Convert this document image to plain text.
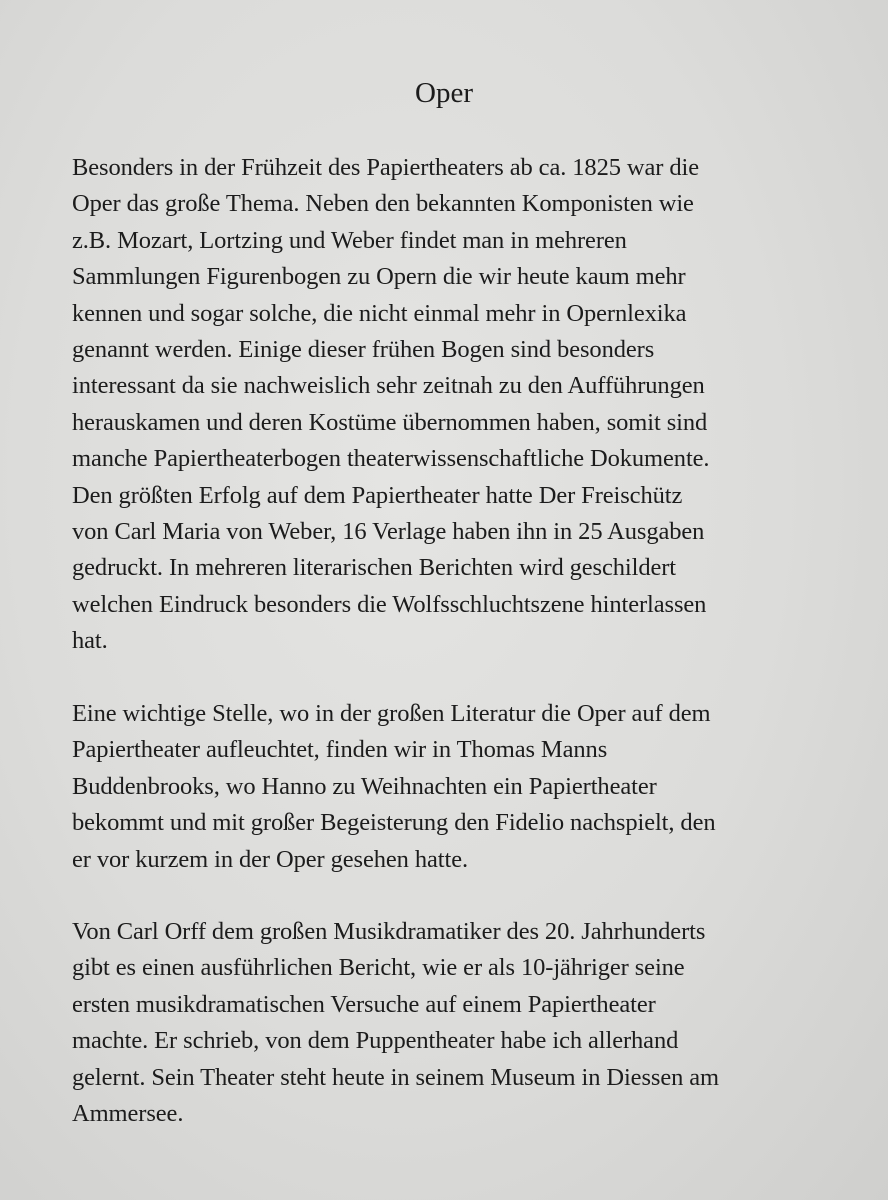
Oper

Besonders in der Frühzeit des Papiertheaters ab ca. 1825 war die
Oper das große Thema. Neben den bekannten Komponisten wie
z.B. Mozart, Lortzing und Weber findet man in mehreren
Sammlungen Figurenbogen zu Opern die wir heute kaum mehr
kennen und sogar solche, die nicht einmal mehr in Opernlexika
genannt werden. Einige dieser frühen Bogen sind besonders
interessant da sie nachweislich sehr zeitnah zu den Aufführungen
herauskamen und deren Kostüme übernommen haben, somit sind
manche Papiertheaterbogen theaterwissenschaftliche Dokumente.
Den größten Erfolg auf dem Papiertheater hatte Der Freischütz
von Carl Maria von Weber, 16 Verlage haben ihn in 25 Ausgaben
gedruckt. In mehreren literarischen Berichten wird geschildert
welchen Eindruck besonders die Wolfsschluchtszene hinterlassen
hat.

Eine wichtige Stelle, wo in der großen Literatur die Oper auf dem
Papiertheater aufleuchtet, finden wir in Thomas Manns
Buddenbrooks, wo Hanno zu Weihnachten ein Papiertheater
bekommt und mit großer Begeisterung den Fidelio nachspielt, den
er vor kurzem in der Oper gesehen hatte.

Von Carl Orff dem großen Musikdramatiker des 20. Jahrhunderts
gibt es einen ausführlichen Bericht, wie er als 10-jähriger seine
ersten musikdramatischen Versuche auf einem Papiertheater
machte. Er schrieb, von dem Puppentheater habe ich allerhand
gelernt. Sein Theater steht heute in seinem Museum in Diessen am
Ammersee.
